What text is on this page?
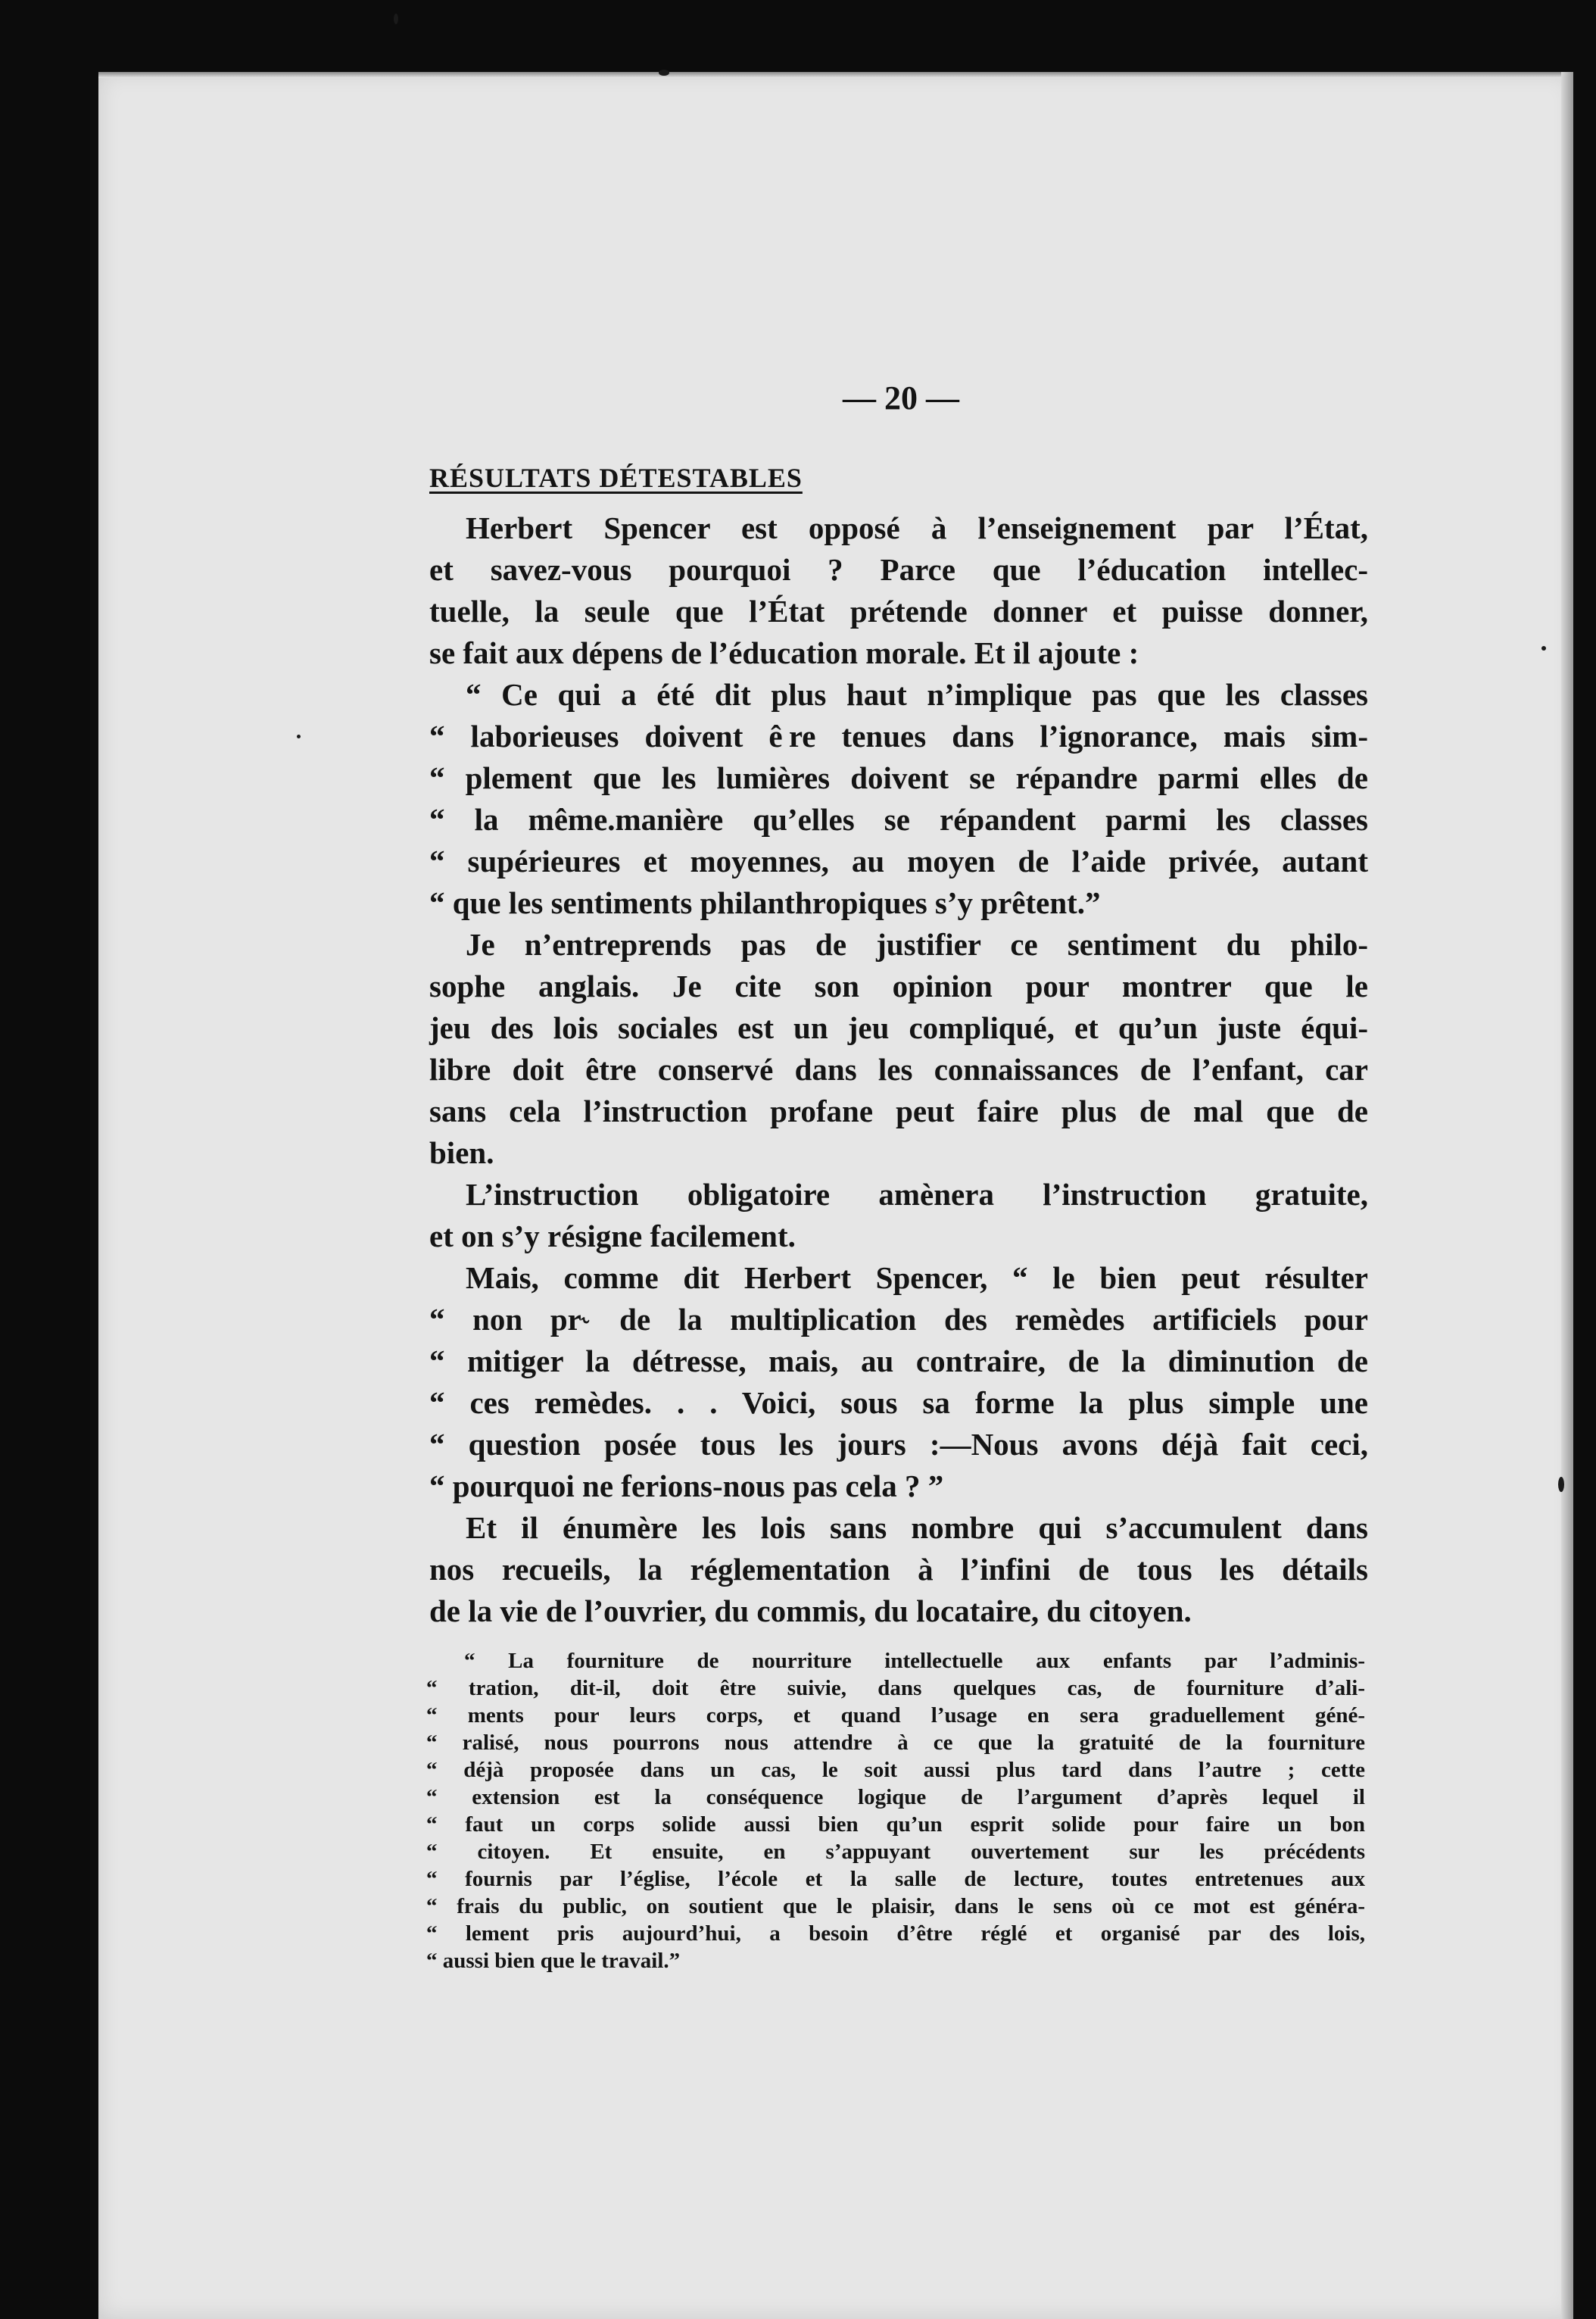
— 20 —
RÉSULTATS DÉTESTABLES
Herbert Spencer est opposé à l’enseignement par l’État,
et savez-vous pourquoi ? Parce que l’éducation intellec-
tuelle, la seule que l’État prétende donner et puisse donner,
se fait aux dépens de l’éducation morale. Et il ajoute :
“ Ce qui a été dit plus haut n’implique pas que les classes
“ laborieuses doivent ê re tenues dans l’ignorance, mais sim-
“ plement que les lumières doivent se répandre parmi elles de
“ la même.manière qu’elles se répandent parmi les classes
“ supérieures et moyennes, au moyen de l’aide privée, autant
“ que les sentiments philanthropiques s’y prêtent.”
Je n’entreprends pas de justifier ce sentiment du philo-
sophe anglais. Je cite son opinion pour montrer que le
jeu des lois sociales est un jeu compliqué, et qu’un juste équi-
libre doit être conservé dans les connaissances de l’enfant, car
sans cela l’instruction profane peut faire plus de mal que de
bien.
L’instruction obligatoire amènera l’instruction gratuite,
et on s’y résigne facilement.
Mais, comme dit Herbert Spencer, “ le bien peut résulter
“ non pr˞ de la multiplication des remèdes artificiels pour
“ mitiger la détresse, mais, au contraire, de la diminution de
“ ces remèdes. . . Voici, sous sa forme la plus simple une
“ question posée tous les jours :—Nous avons déjà fait ceci,
“ pourquoi ne ferions-nous pas cela ? ”
Et il énumère les lois sans nombre qui s’accumulent dans
nos recueils, la réglementation à l’infini de tous les détails
de la vie de l’ouvrier, du commis, du locataire, du citoyen.
“ La fourniture de nourriture intellectuelle aux enfants par l’adminis-
“ tration, dit-il, doit être suivie, dans quelques cas, de fourniture d’ali-
“ ments pour leurs corps, et quand l’usage en sera graduellement géné-
“ ralisé, nous pourrons nous attendre à ce que la gratuité de la fourniture
“ déjà proposée dans un cas, le soit aussi plus tard dans l’autre ; cette
“ extension est la conséquence logique de l’argument d’après lequel il
“ faut un corps solide aussi bien qu’un esprit solide pour faire un bon
“ citoyen. Et ensuite, en s’appuyant ouvertement sur les précédents
“ fournis par l’église, l’école et la salle de lecture, toutes entretenues aux
“ frais du public, on soutient que le plaisir, dans le sens où ce mot est généra-
“ lement pris aujourd’hui, a besoin d’être réglé et organisé par des lois,
“ aussi bien que le travail.”
